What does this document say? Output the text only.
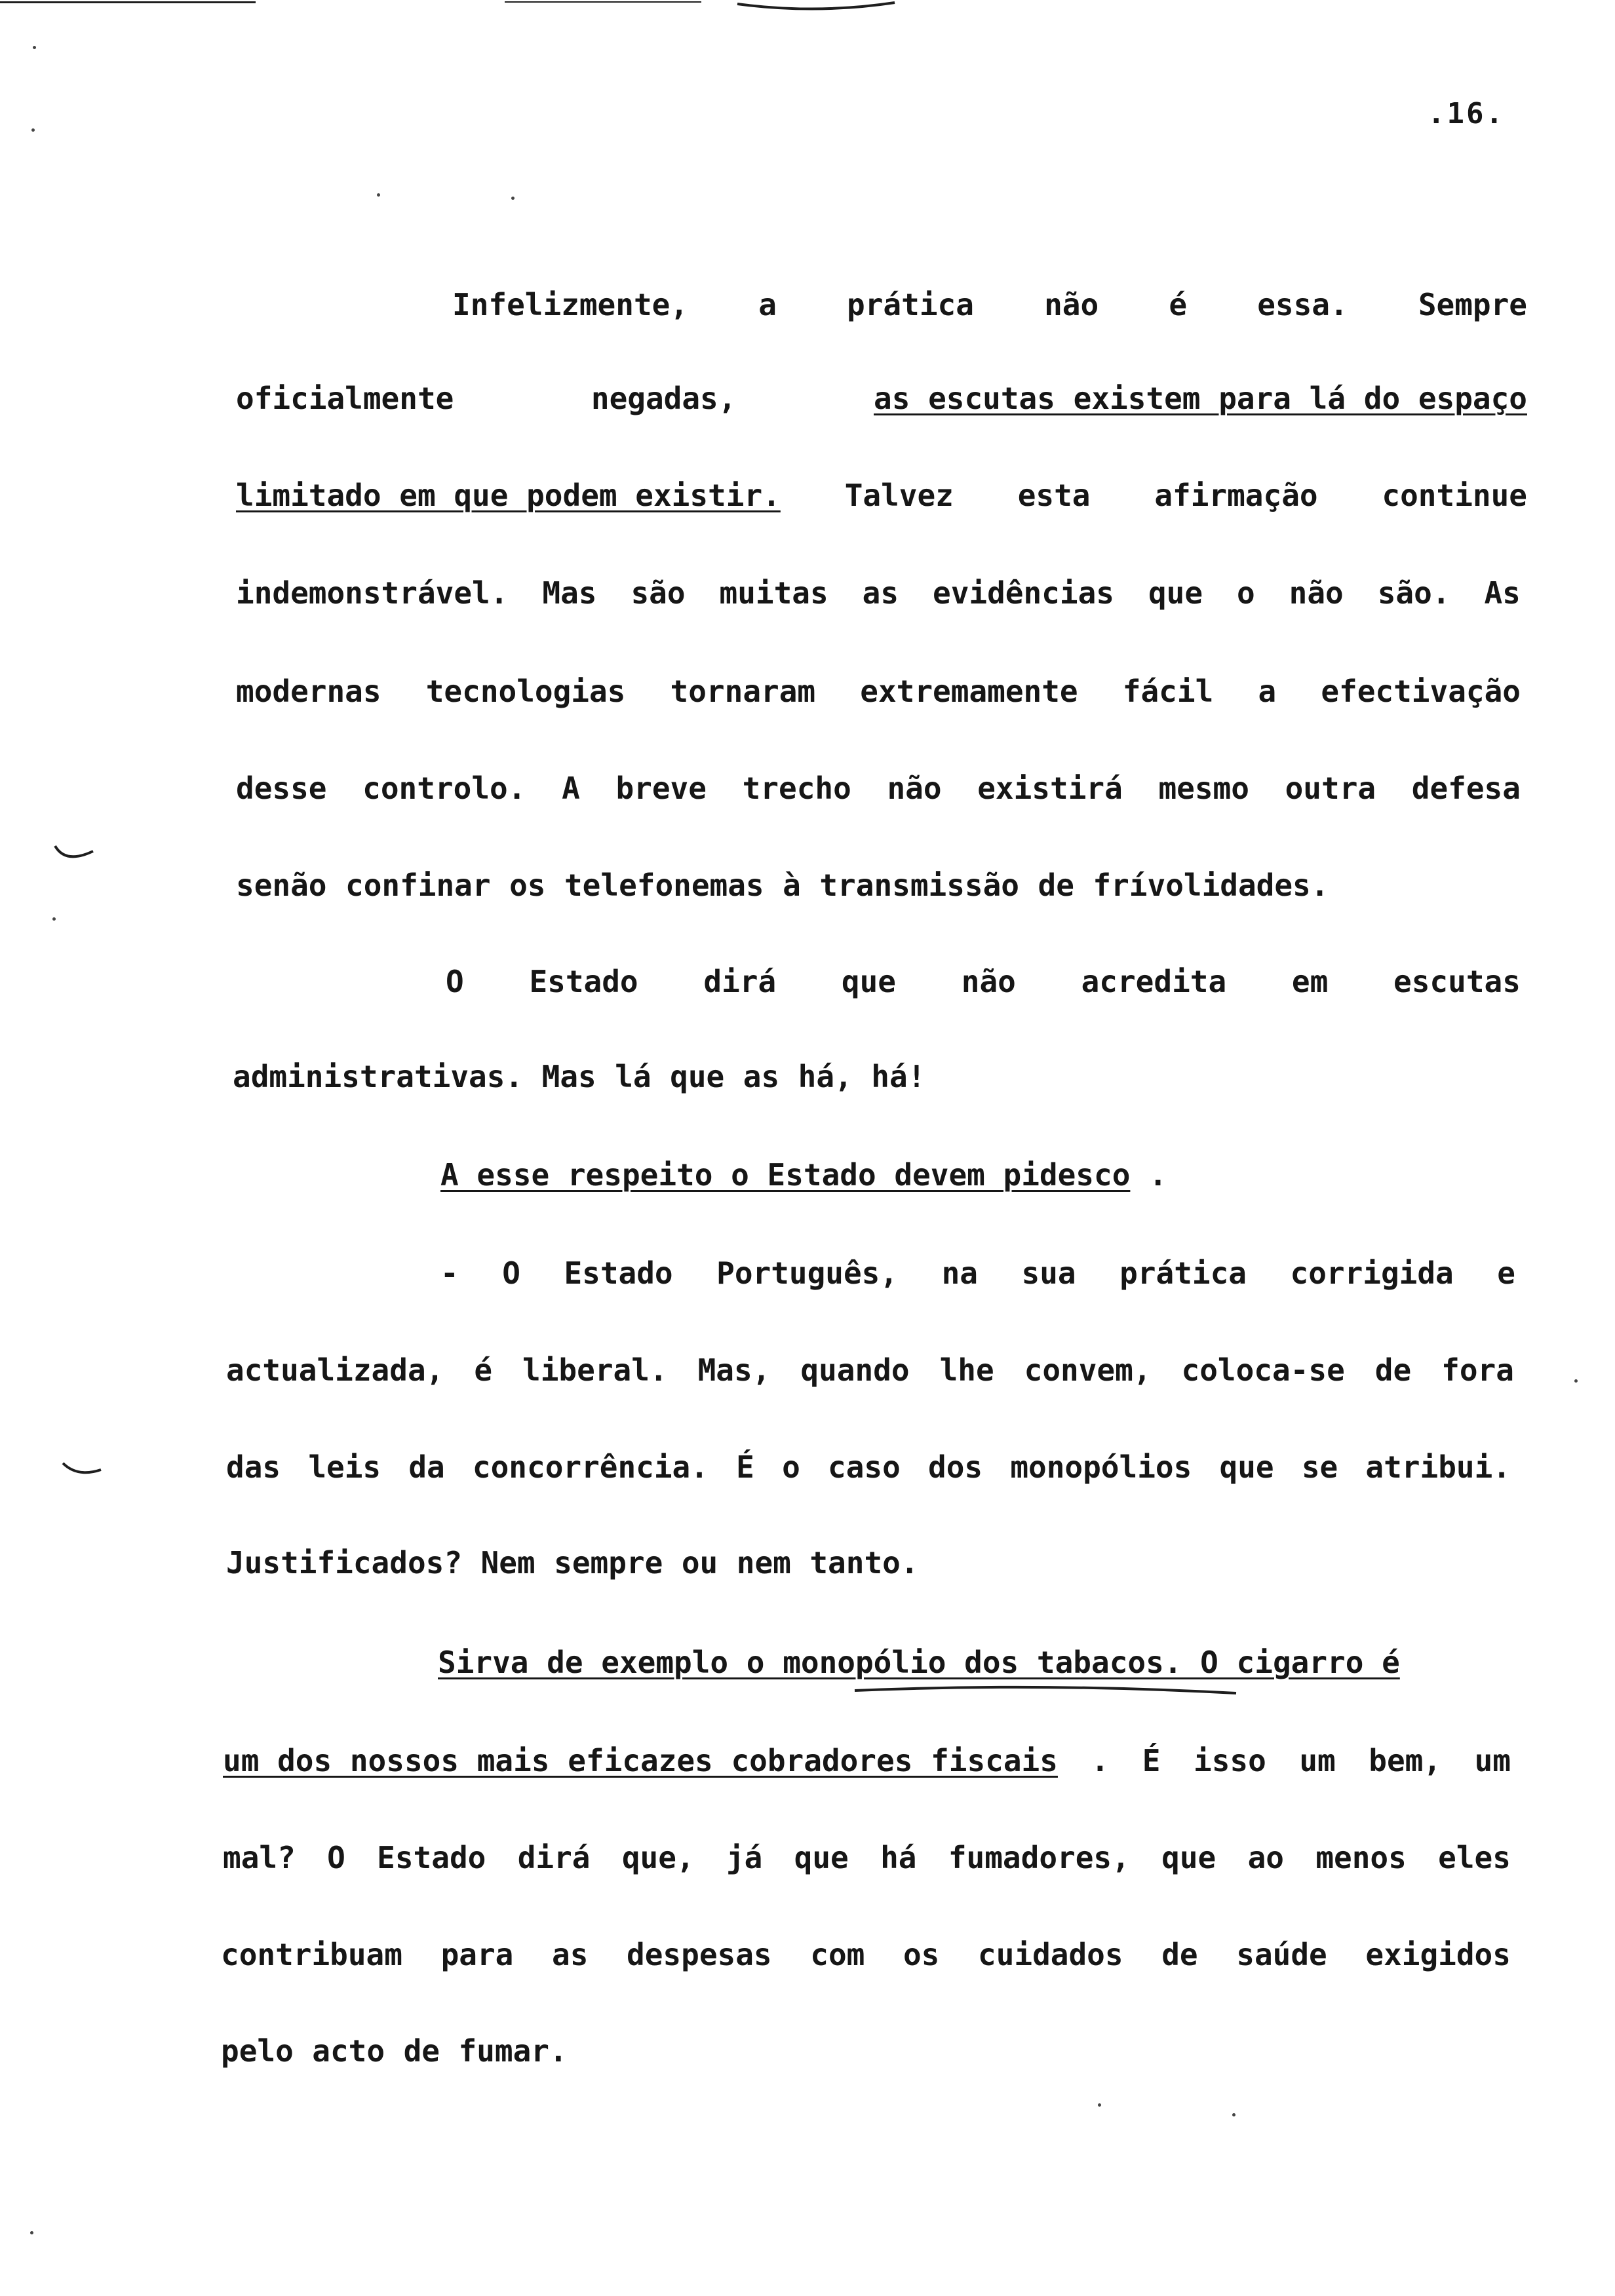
.16.
Infelizmente, a prática não é essa. Sempre
oficialmente	negadas,	as escutas existem para lá do espaço
limitado em que podem existir. Talvez esta afirmação continue
indemonstrável. Mas são muitas as evidências que o não são. As
modernas tecnologias tornaram extremamente fácil a efectivação
desse controlo. A breve trecho não existirá mesmo outra defesa
senão confinar os telefonemas à transmissão de frívolidades.
O Estado dirá que não acredita em escutas
administrativas. Mas lá que as há, há!
A esse respeito o Estado devem pidesco .
- O Estado Português, na sua prática corrigida e
actualizada, é liberal. Mas, quando lhe convem, coloca-se de fora
das leis da concorrência. É o caso dos monopólios que se atribui.
Justificados? Nem sempre ou nem tanto.
Sirva de exemplo o monopólio dos tabacos. O cigarro é
um dos nossos mais eficazes cobradores fiscais . É isso um bem, um
mal? O Estado dirá que, já que há fumadores, que ao menos eles
contribuam para as despesas com os cuidados de saúde exigidos
pelo acto de fumar.
